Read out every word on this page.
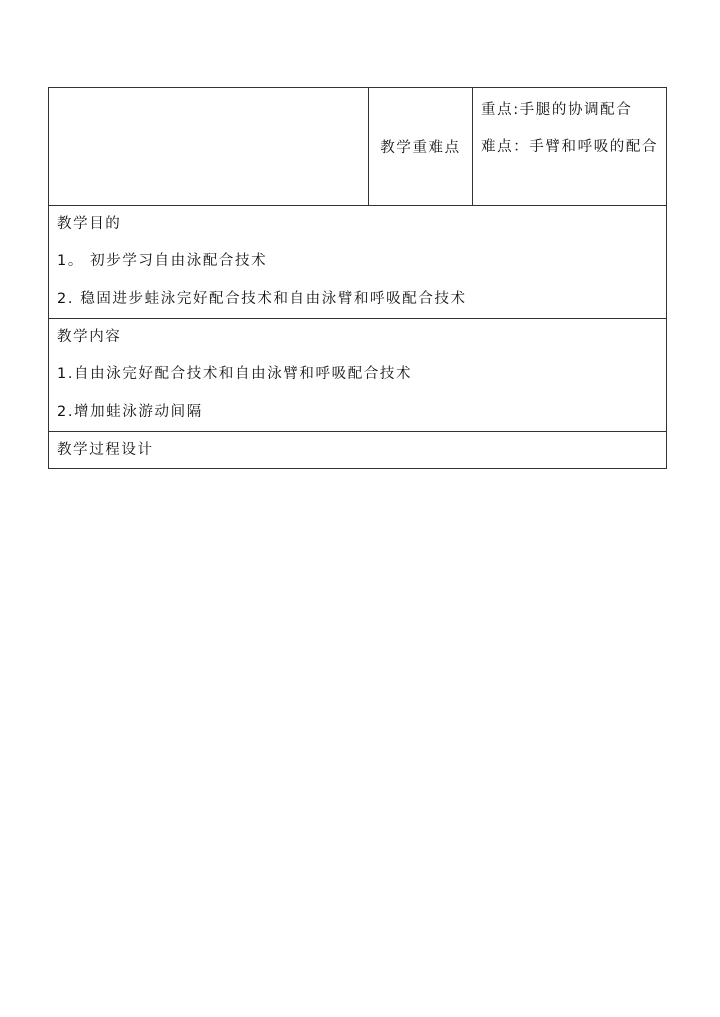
	教学重难点	
重点:手腿的协调配合
难点：手臂和呼吸的配合

教学目的
1。 初步学习自由泳配合技术
2. 稳固进步蛙泳完好配合技术和自由泳臂和呼吸配合技术

教学内容
1.自由泳完好配合技术和自由泳臂和呼吸配合技术
2.增加蛙泳游动间隔

教学过程设计
